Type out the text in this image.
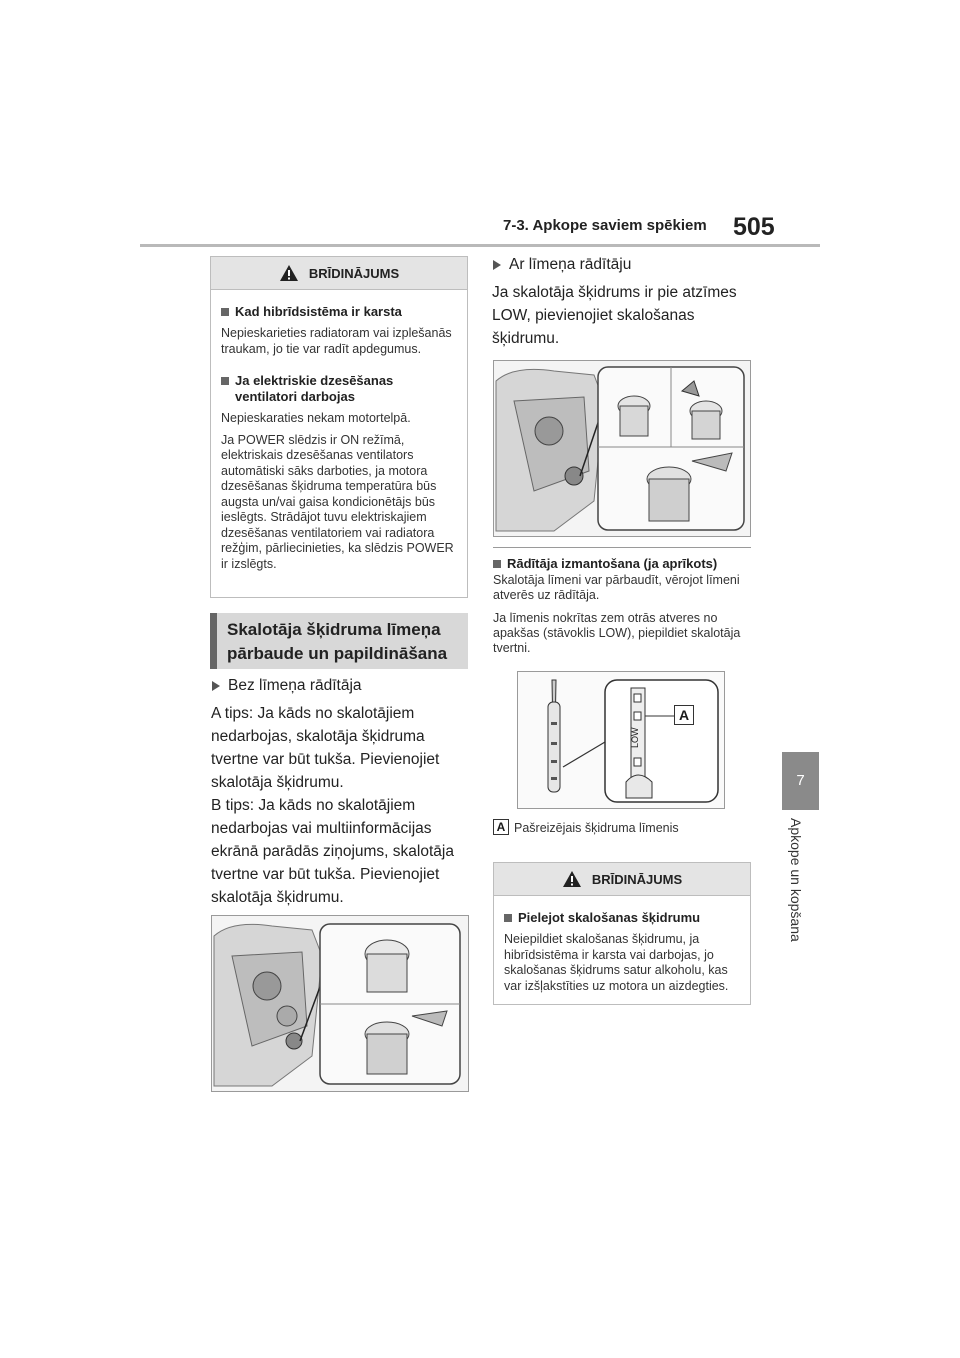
7-3. Apkope saviem spēkiem 505
7
Apkope un kopšana
BRĪDINĀJUMS
Kad hibrīdsistēma ir karsta
Nepieskarieties radiatoram vai izplešanās traukam, jo tie var radīt apdegumus.
Ja elektriskie dzesēšanas ventilatori darbojas
Nepieskaraties nekam motortelpā.
Ja POWER slēdzis ir ON režīmā, elektriskais dzesēšanas ventilators automātiski sāks darboties, ja motora dzesēšanas šķidruma temperatūra būs augsta un/vai gaisa kondicionētājs būs ieslēgts. Strādājot tuvu elektriskajiem dzesēšanas ventilatoriem vai radiatora režģim, pārliecinieties, ka slēdzis POWER ir izslēgts.
Skalotāja šķidruma līmeņa pārbaude un papildināšana
Bez līmeņa rādītāja
A tips: Ja kāds no skalotājiem nedarbojas, skalotāja šķidruma tvertne var būt tukša. Pievienojiet skalotāja šķidrumu.
B tips: Ja kāds no skalotājiem nedarbojas vai multiinformācijas ekrānā parādās ziņojums, skalotāja tvertne var būt tukša. Pievienojiet skalotāja šķidrumu.
Ar līmeņa rādītāju
Ja skalotāja šķidrums ir pie atzīmes LOW, pievienojiet skalošanas šķidrumu.
Rādītāja izmantošana (ja aprīkots)
Skalotāja līmeni var pārbaudīt, vērojot līmeni atverēs uz rādītāja.
Ja līmenis nokrītas zem otrās atveres no apakšas (stāvoklis LOW), piepildiet skalotāja tvertni.
LOW
A
A Pašreizējais šķidruma līmenis
BRĪDINĀJUMS
Pielejot skalošanas šķidrumu
Neiepildiet skalošanas šķidrumu, ja hibrīdsistēma ir karsta vai darbojas, jo skalošanas šķidrums satur alkoholu, kas var izšļakstīties uz motora un aizdegties.
